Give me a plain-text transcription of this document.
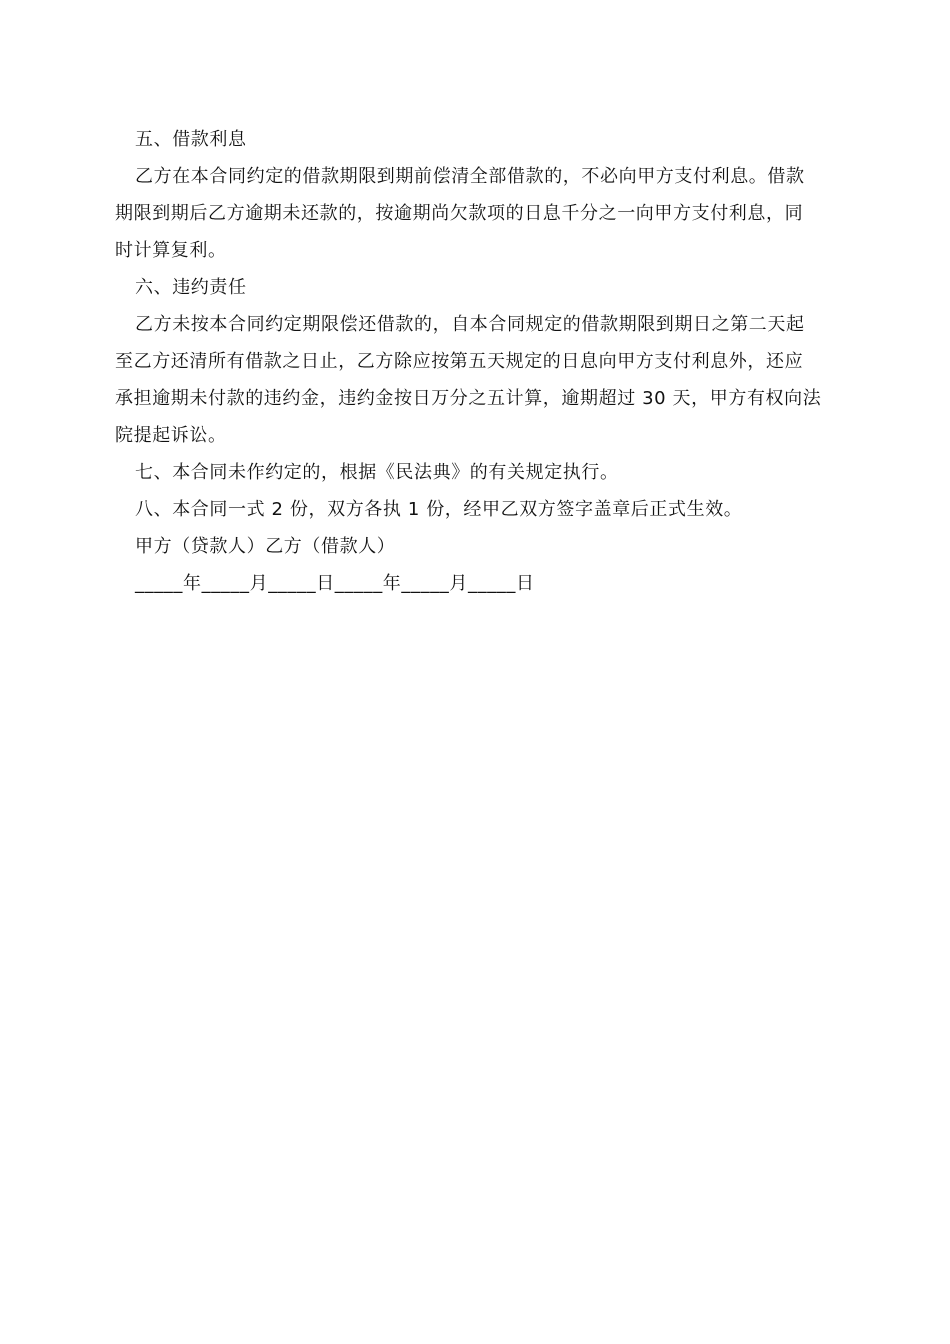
五、借款利息

乙方在本合同约定的借款期限到期前偿清全部借款的，不必向甲方支付利息。借款
期限到期后乙方逾期未还款的，按逾期尚欠款项的日息千分之一向甲方支付利息，同
时计算复利。

六、违约责任

乙方未按本合同约定期限偿还借款的，自本合同规定的借款期限到期日之第二天起
至乙方还清所有借款之日止，乙方除应按第五天规定的日息向甲方支付利息外，还应
承担逾期未付款的违约金，违约金按日万分之五计算，逾期超过 30 天，甲方有权向法
院提起诉讼。

七、本合同未作约定的，根据《民法典》的有关规定执行。

八、本合同一式 2 份，双方各执 1 份，经甲乙双方签字盖章后正式生效。

甲方（贷款人）乙方（借款人）

_____年_____月_____日_____年_____月_____日
